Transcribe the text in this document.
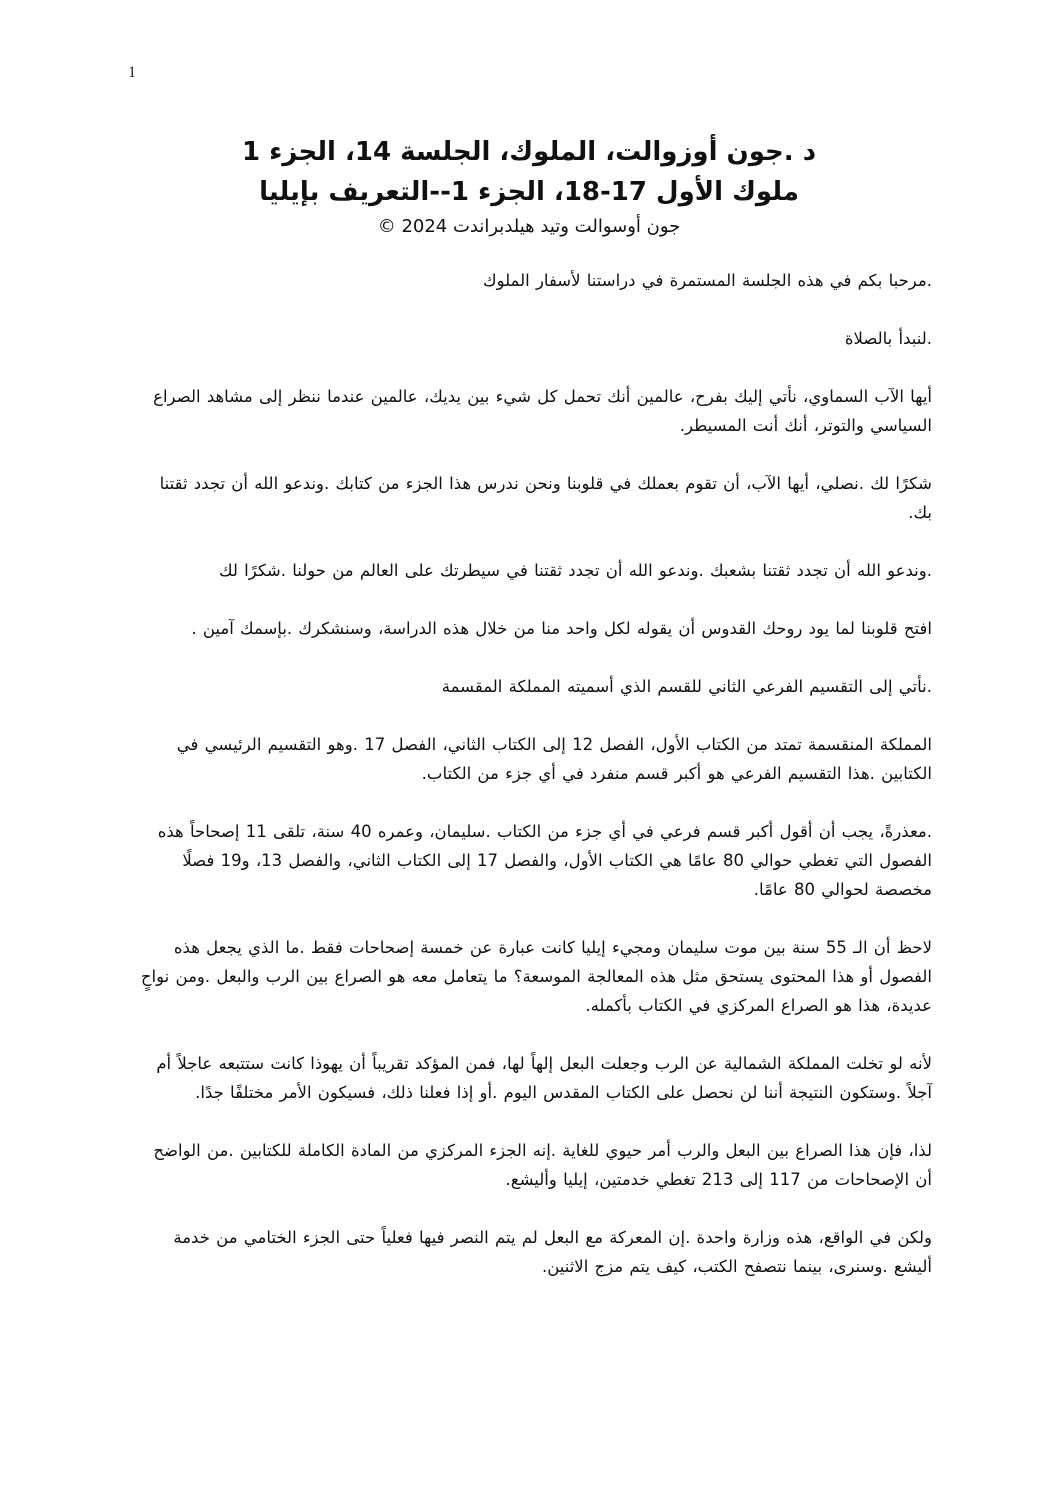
1
د .جون أوزوالت، الملوك، الجلسة 14، الجزء 1
ملوك الأول 17-18، الجزء 1--التعريف بإيليا
جون أوسوالت وتيد هيلدبراندت 2024 ©

.مرحبا بكم في هذه الجلسة المستمرة في دراستنا لأسفار الملوك

.لنبدأ بالصلاة

أيها الآب السماوي، نأتي إليك بفرح، عالمين أنك تحمل كل شيء بين يديك، عالمين عندما ننظر إلى مشاهد الصراع السياسي والتوتر، أنك أنت المسيطر.

شكرًا لك .نصلي، أيها الآب، أن تقوم بعملك في قلوبنا ونحن ندرس هذا الجزء من كتابك .وندعو الله أن تجدد ثقتنا بك.

.وندعو الله أن تجدد ثقتنا بشعبك .وندعو الله أن تجدد ثقتنا في سيطرتك على العالم من حولنا .شكرًا لك

افتح قلوبنا لما يود روحك القدوس أن يقوله لكل واحد منا من خلال هذه الدراسة، وسنشكرك .بإسمك آمين .

.نأتي إلى التقسيم الفرعي الثاني للقسم الذي أسميته المملكة المقسمة

المملكة المنقسمة تمتد من الكتاب الأول، الفصل 12 إلى الكتاب الثاني، الفصل 17 .وهو التقسيم الرئيسي في الكتابين .هذا التقسيم الفرعي هو أكبر قسم منفرد في أي جزء من الكتاب.

.معذرةً، يجب أن أقول أكبر قسم فرعي في أي جزء من الكتاب .سليمان، وعمره 40 سنة، تلقى 11 إصحاحاً هذه الفصول التي تغطي حوالي 80 عامًا هي الكتاب الأول، والفصل 17 إلى الكتاب الثاني، والفصل 13، و19 فصلًا مخصصة لحوالي 80 عامًا.

لاحظ أن الـ 55 سنة بين موت سليمان ومجيء إيليا كانت عبارة عن خمسة إصحاحات فقط .ما الذي يجعل هذه الفصول أو هذا المحتوى يستحق مثل هذه المعالجة الموسعة؟ ما يتعامل معه هو الصراع بين الرب والبعل .ومن نواحٍ عديدة، هذا هو الصراع المركزي في الكتاب بأكمله.

لأنه لو تخلت المملكة الشمالية عن الرب وجعلت البعل إلهاً لها، فمن المؤكد تقريباً أن يهوذا كانت ستتبعه عاجلاً أم آجلاً .وستكون النتيجة أننا لن نحصل على الكتاب المقدس اليوم .أو إذا فعلنا ذلك، فسيكون الأمر مختلفًا جدًا.

لذا، فإن هذا الصراع بين البعل والرب أمر حيوي للغاية .إنه الجزء المركزي من المادة الكاملة للكتابين .من الواضح أن الإصحاحات من 117 إلى 213 تغطي خدمتين، إيليا وأليشع.

ولكن في الواقع، هذه وزارة واحدة .إن المعركة مع البعل لم يتم النصر فيها فعلياً حتى الجزء الختامي من خدمة أليشع .وسنرى، بينما نتصفح الكتب، كيف يتم مزج الاثنين.
